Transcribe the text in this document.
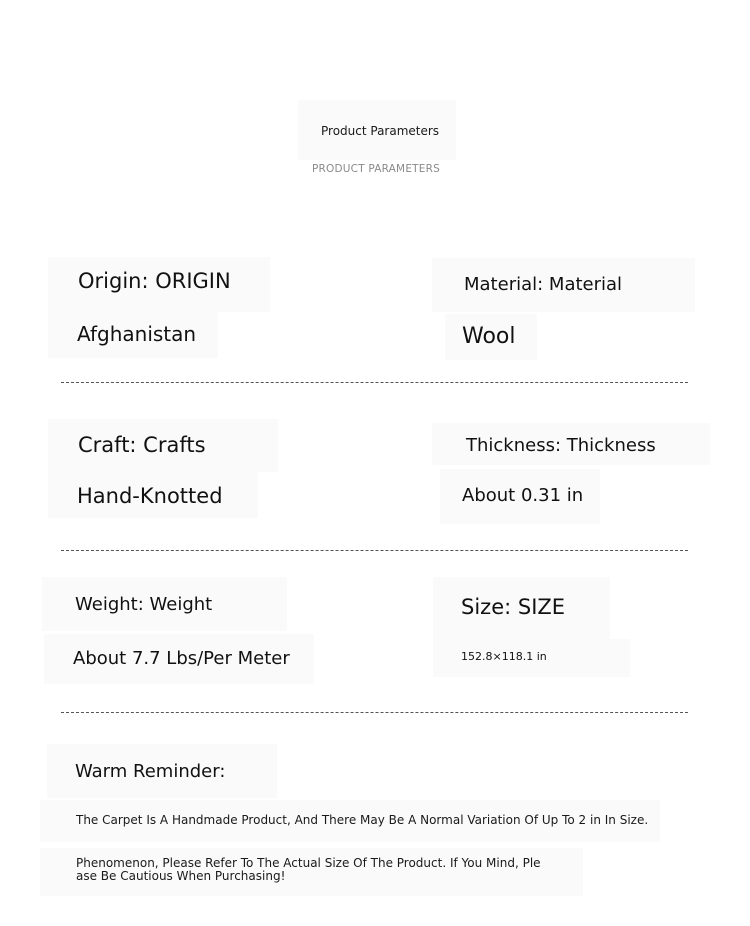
Product Parameters
PRODUCT PARAMETERS
Origin: ORIGIN
Afghanistan
Material: Material
Wool
Craft: Crafts
Hand-Knotted
Thickness: Thickness
About 0.31 in
Weight: Weight
About 7.7 Lbs/Per Meter
Size: SIZE
152.8×118.1 in
Warm Reminder:
The Carpet Is A Handmade Product, And There May Be A Normal Variation Of Up To 2 in In Size.
Phenomenon, Please Refer To The Actual Size Of The Product. If You Mind, Ple
ase Be Cautious When Purchasing!
